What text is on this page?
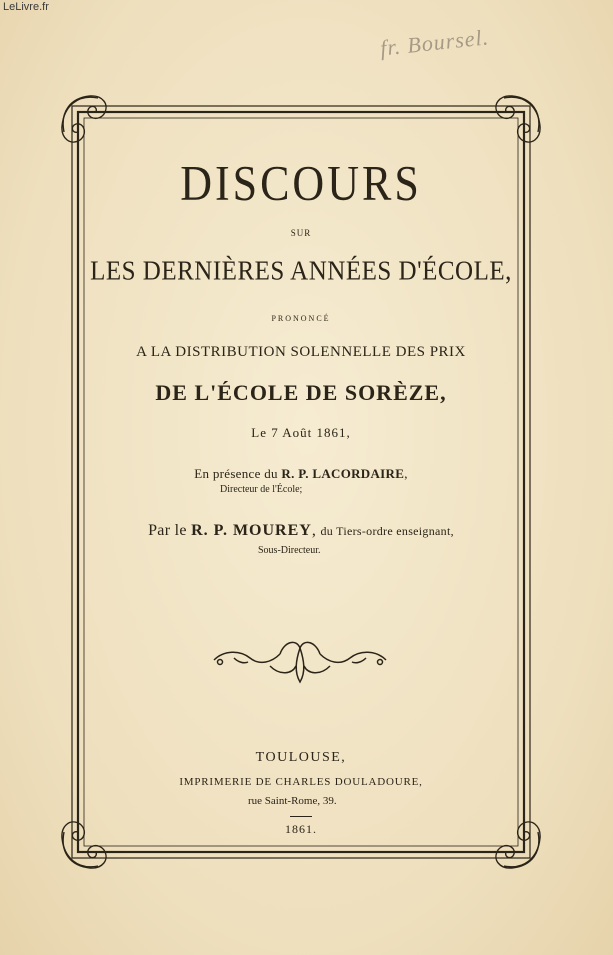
LeLivre.fr
fr. Boursel.
DISCOURS
SUR
LES DERNIÈRES ANNÉES D'ÉCOLE,
PRONONCÉ
A LA DISTRIBUTION SOLENNELLE DES PRIX
DE L'ÉCOLE DE SORÈZE,
Le 7 Août 1861,
En présence du R. P. LACORDAIRE,
Directeur de l'École;
Par le R. P. MOUREY, du Tiers-ordre enseignant,
Sous-Directeur.
TOULOUSE,
IMPRIMERIE DE CHARLES DOULADOURE,
rue Saint-Rome, 39.
1861.
